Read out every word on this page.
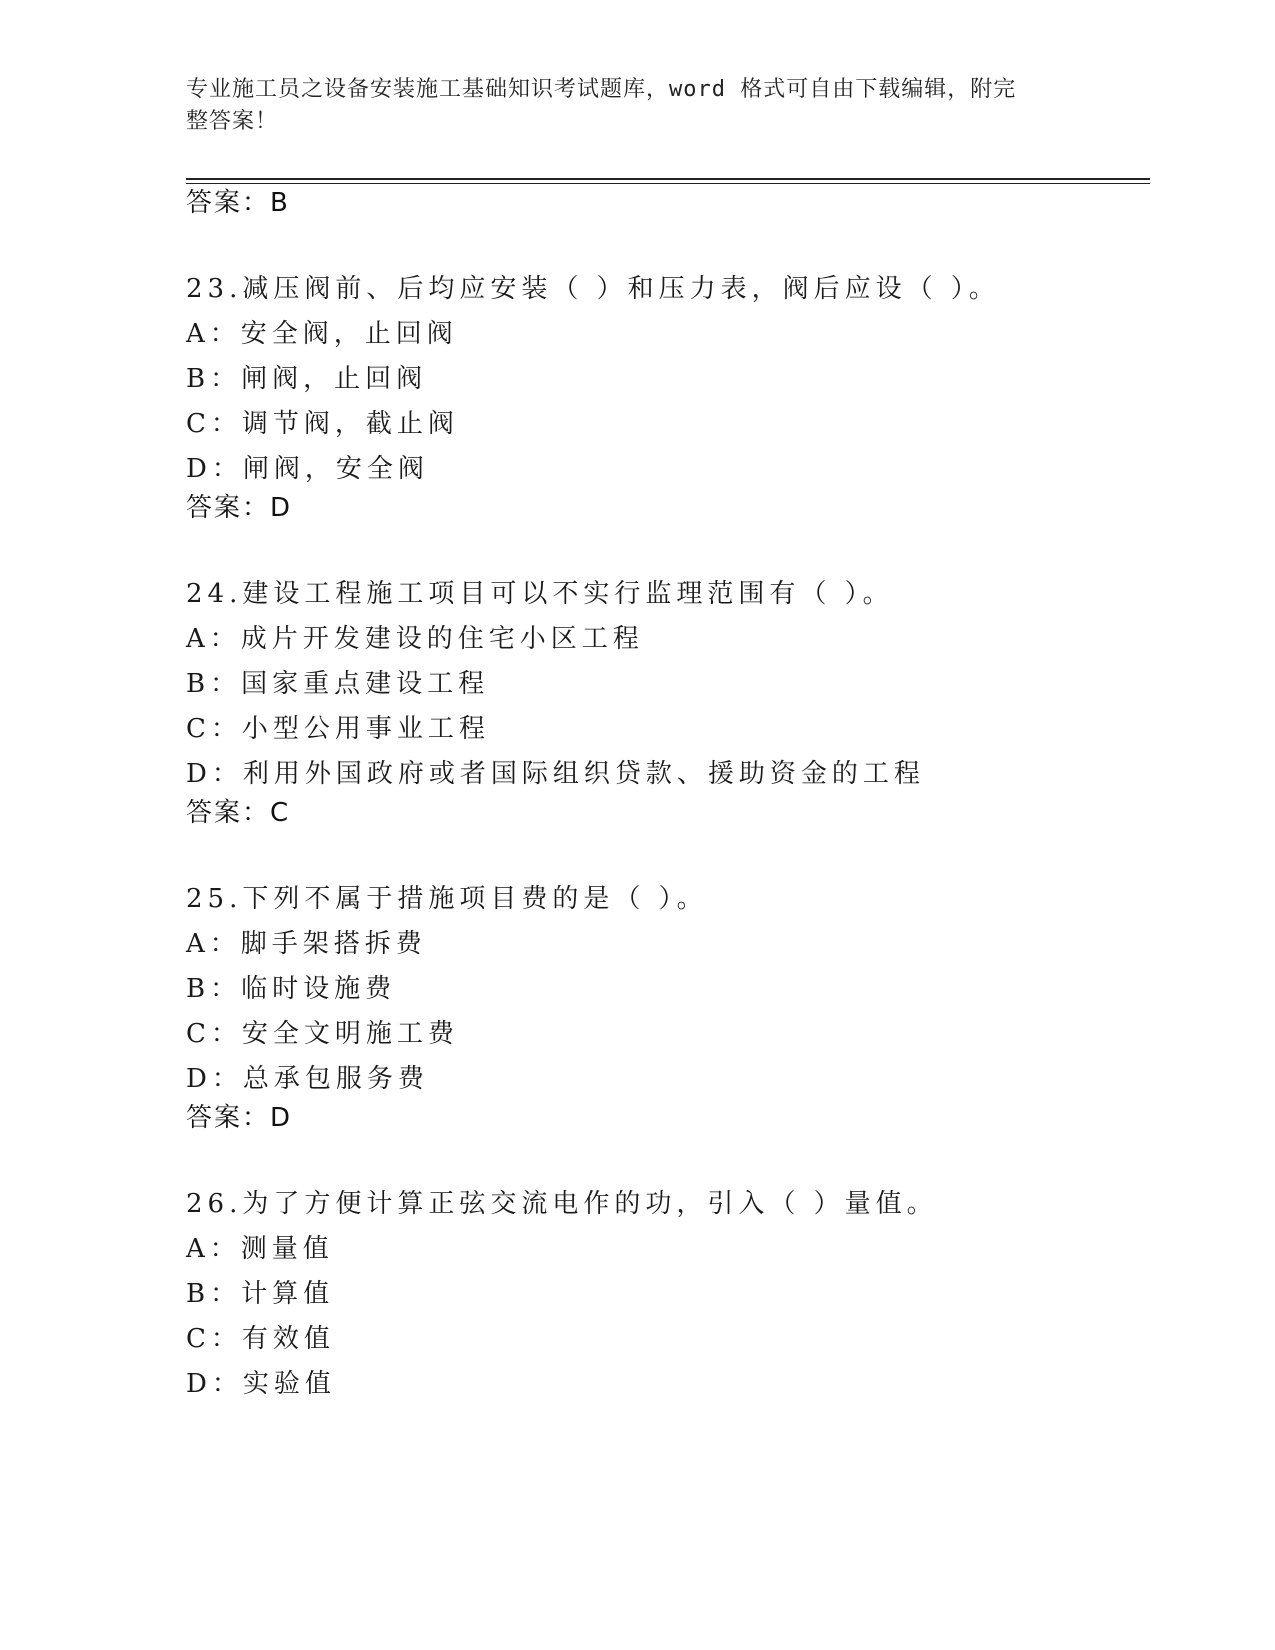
专业施工员之设备安装施工基础知识考试题库，word 格式可自由下载编辑，附完
整答案！
答案：B
23.减压阀前、后均应安装（ ）和压力表，阀后应设（ ）。
A：安全阀，止回阀
B：闸阀，止回阀
C：调节阀，截止阀
D：闸阀，安全阀
答案：D
24.建设工程施工项目可以不实行监理范围有（ ）。
A：成片开发建设的住宅小区工程
B：国家重点建设工程
C：小型公用事业工程
D：利用外国政府或者国际组织贷款、援助资金的工程
答案：C
25.下列不属于措施项目费的是（ ）。
A：脚手架搭拆费
B：临时设施费
C：安全文明施工费
D：总承包服务费
答案：D
26.为了方便计算正弦交流电作的功，引入（ ）量值。
A：测量值
B：计算值
C：有效值
D：实验值
